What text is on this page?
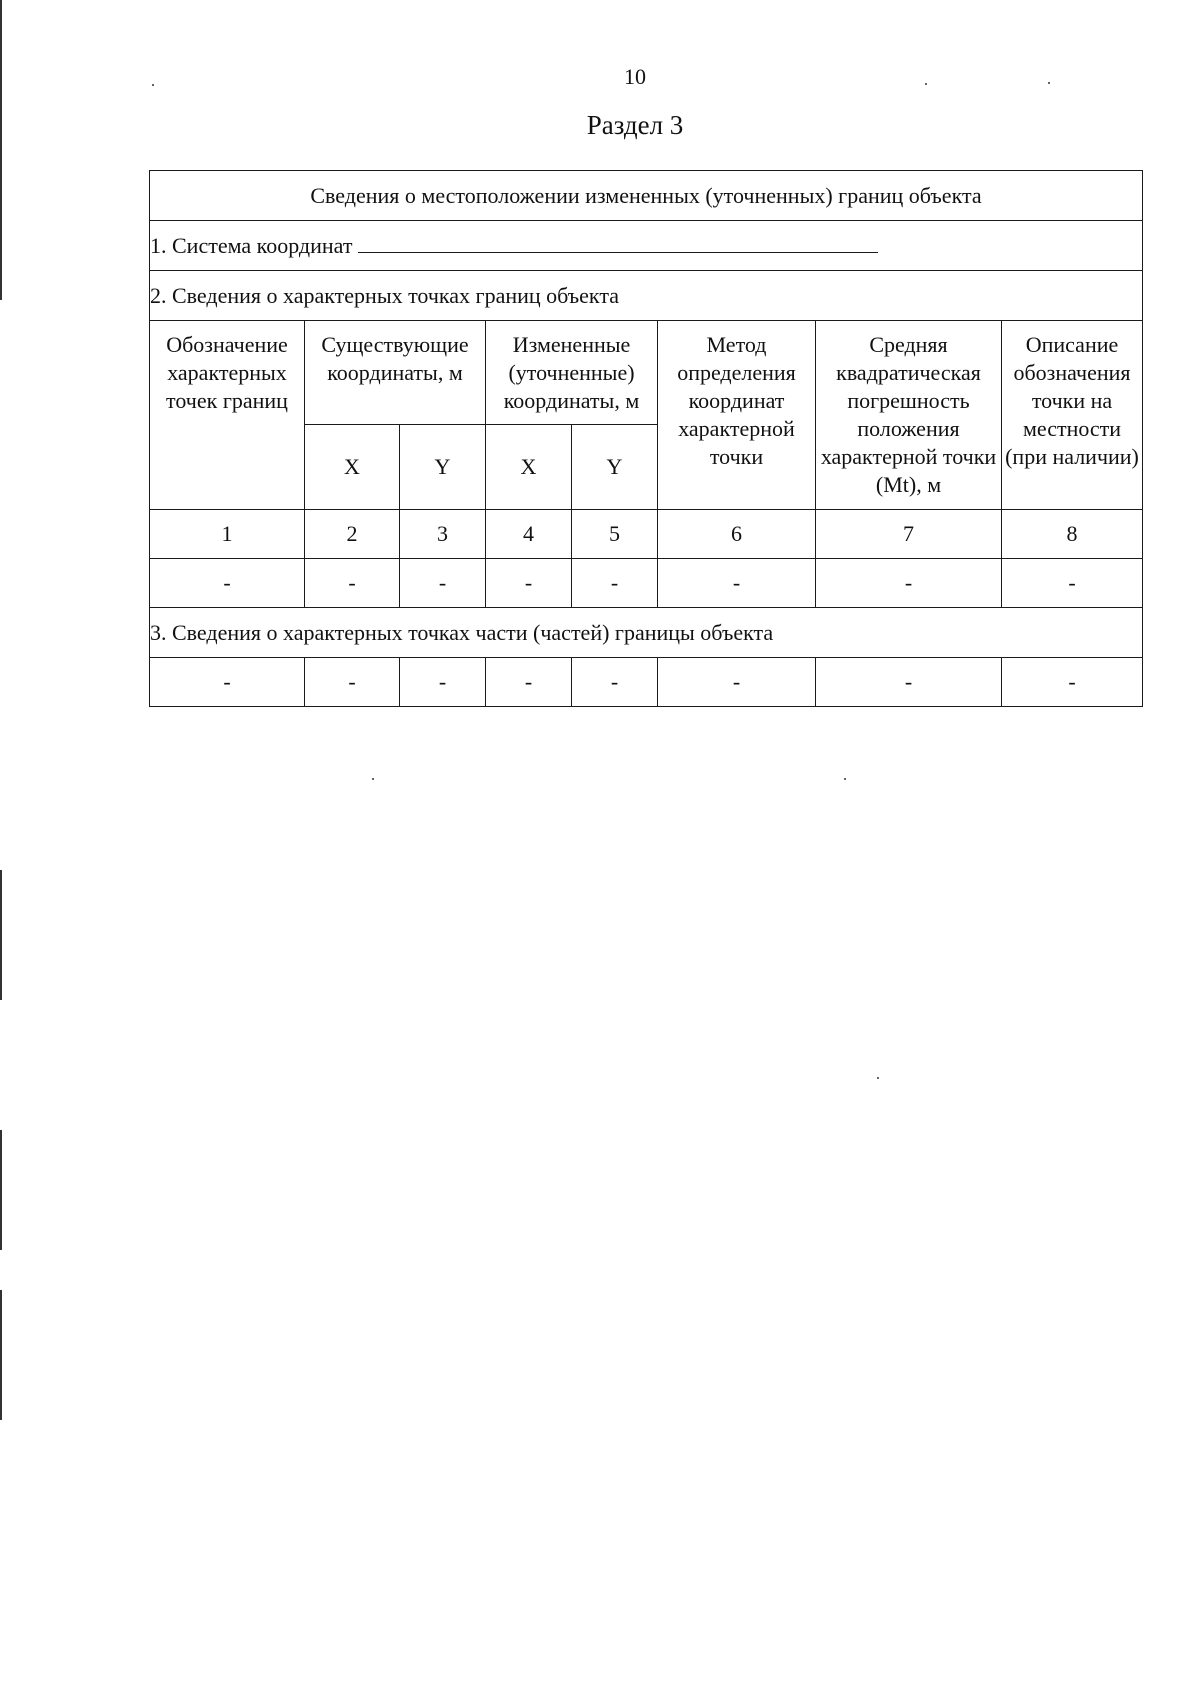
10
Раздел 3
Сведения о местоположении измененных (уточненных) границ объекта							
1. Система координат							
2. Сведения о характерных точках границ объекта							
Обозначение характерных точек границ	Существующие координаты, м		Измененные (уточненные) координаты, м		Метод определения координат характерной точки	Средняя квадратическая погрешность положения характерной точки (Mt), м	Описание обозначения точки на местности (при наличии)
	X	Y	X	Y			
1	2	3	4	5	6	7	8
-	-	-	-	-	-	-	-
3. Сведения о характерных точках части (частей) границы объекта							
-	-	-	-	-	-	-	-
